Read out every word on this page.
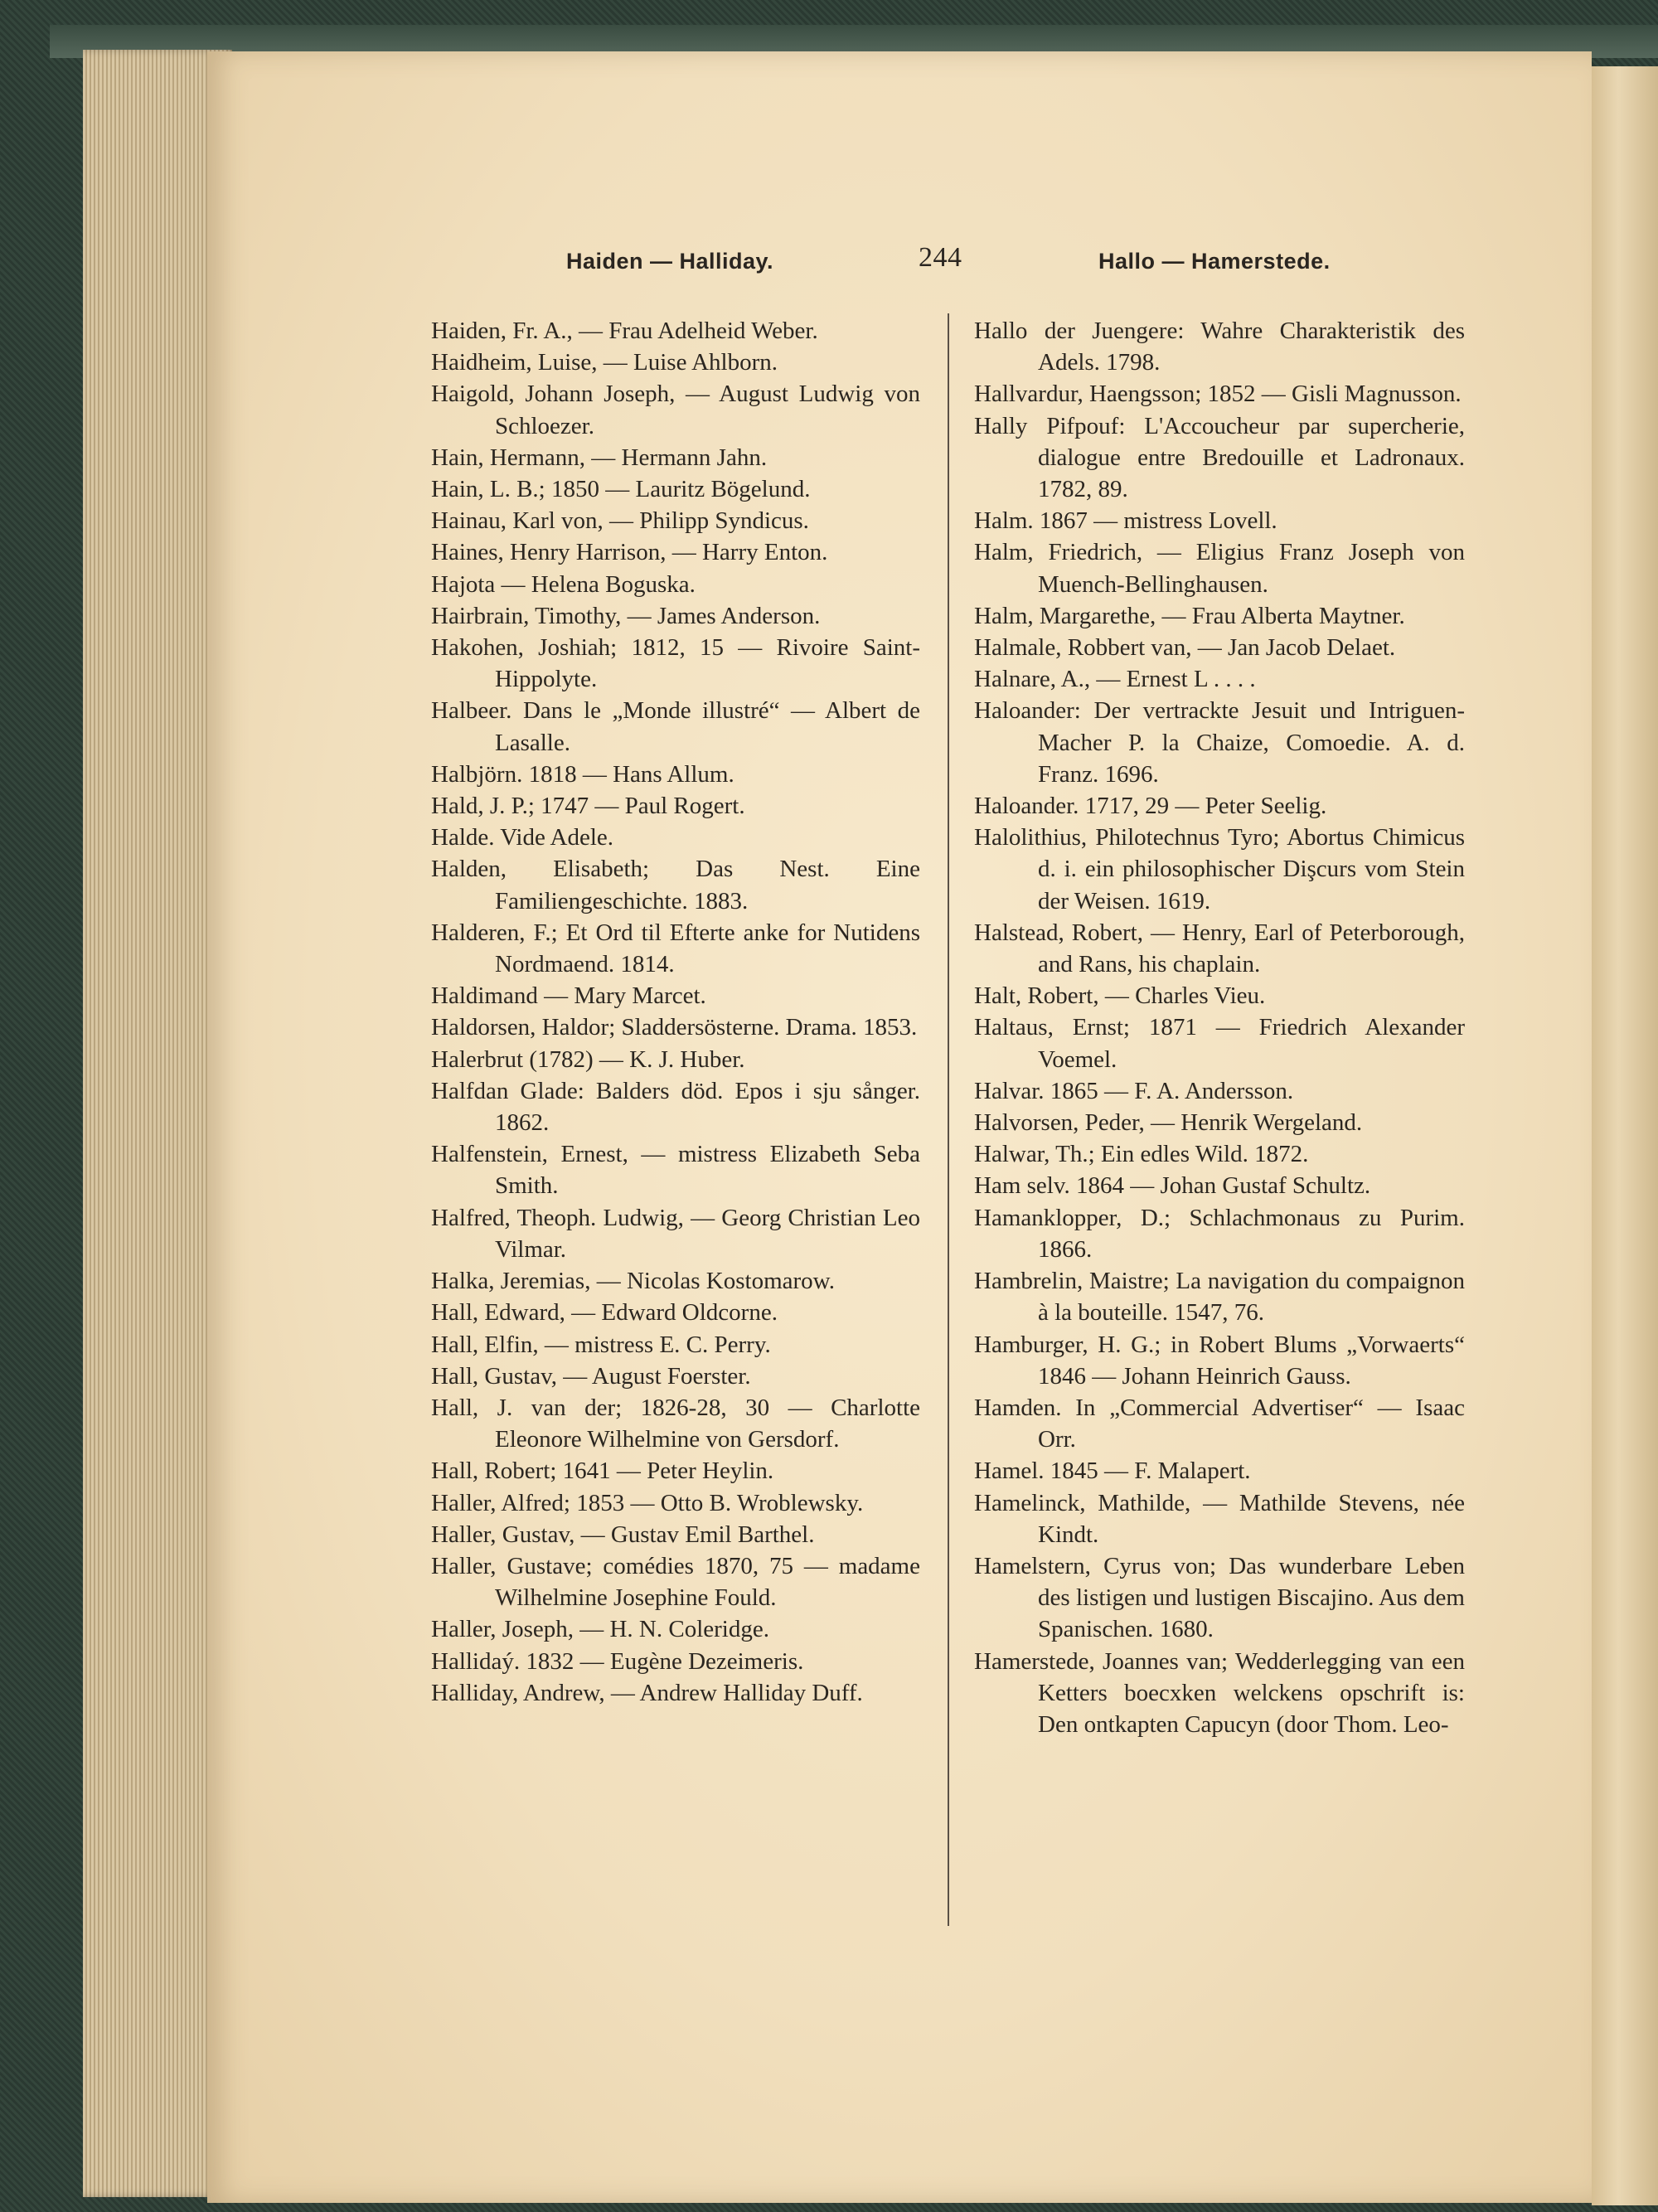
Haiden — Halliday.	244	Hallo — Hamerstede.

Haiden, Fr. A., — Frau Adelheid Weber.

Haidheim, Luise, — Luise Ahlborn.

Haigold, Johann Joseph, — August Ludwig von Schloezer.

Hain, Hermann, — Hermann Jahn.

Hain, L. B.; 1850 — Lauritz Bögelund.

Hainau, Karl von, — Philipp Syndicus.

Haines, Henry Harrison, — Harry Enton.

Hajota — Helena Boguska.

Hairbrain, Timothy, — James Anderson.

Hakohen, Joshiah; 1812, 15 — Rivoire Saint-Hippolyte.

Halbeer. Dans le „Monde illustré“ — Albert de Lasalle.

Halbjörn. 1818 — Hans Allum.

Hald, J. P.; 1747 — Paul Rogert.

Halde. Vide Adele.

Halden, Elisabeth; Das Nest. Eine Familiengeschichte. 1883.

Halderen, F.; Et Ord til Efterte anke for Nutidens Nordmaend. 1814.

Haldimand — Mary Marcet.

Haldorsen, Haldor; Sladdersösterne. Drama. 1853.

Halerbrut (1782) — K. J. Huber.

Halfdan Glade: Balders död. Epos i sju sånger. 1862.

Halfenstein, Ernest, — mistress Elizabeth Seba Smith.

Halfred, Theoph. Ludwig, — Georg Christian Leo Vilmar.

Halka, Jeremias, — Nicolas Kostomarow.

Hall, Edward, — Edward Oldcorne.

Hall, Elfin, — mistress E. C. Perry.

Hall, Gustav, — August Foerster.

Hall, J. van der; 1826-28, 30 — Charlotte Eleonore Wilhelmine von Gersdorf.

Hall, Robert; 1641 — Peter Heylin.

Haller, Alfred; 1853 — Otto B. Wroblewsky.

Haller, Gustav, — Gustav Emil Barthel.

Haller, Gustave; comédies 1870, 75 — madame Wilhelmine Josephine Fould.

Haller, Joseph, — H. N. Coleridge.

Hallidaý. 1832 — Eugène Dezeimeris.

Halliday, Andrew, — Andrew Halliday Duff.

Hallo der Juengere: Wahre Charakteristik des Adels. 1798.

Hallvardur, Haengsson; 1852 — Gisli Magnusson.

Hally Pifpouf: L'Accoucheur par supercherie, dialogue entre Bredouille et Ladronaux. 1782, 89.

Halm. 1867 — mistress Lovell.

Halm, Friedrich, — Eligius Franz Joseph von Muench-Bellinghausen.

Halm, Margarethe, — Frau Alberta Maytner.

Halmale, Robbert van, — Jan Jacob Delaet.

Halnare, A., — Ernest L . . . .

Haloander: Der vertrackte Jesuit und Intriguen-Macher P. la Chaize, Comoedie. A. d. Franz. 1696.

Haloander. 1717, 29 — Peter Seelig.

Halolithius, Philotechnus Tyro; Abortus Chimicus d. i. ein philosophischer Dişcurs vom Stein der Weisen. 1619.

Halstead, Robert, — Henry, Earl of Peterborough, and Rans, his chaplain.

Halt, Robert, — Charles Vieu.

Haltaus, Ernst; 1871 — Friedrich Alexander Voemel.

Halvar. 1865 — F. A. Andersson.

Halvorsen, Peder, — Henrik Wergeland.

Halwar, Th.; Ein edles Wild. 1872.

Ham selv. 1864 — Johan Gustaf Schultz.

Hamanklopper, D.; Schlachmonaus zu Purim. 1866.

Hambrelin, Maistre; La navigation du compaignon à la bouteille. 1547, 76.

Hamburger, H. G.; in Robert Blums „Vorwaerts“ 1846 — Johann Heinrich Gauss.

Hamden. In „Commercial Advertiser“ — Isaac Orr.

Hamel. 1845 — F. Malapert.

Hamelinck, Mathilde, — Mathilde Stevens, née Kindt.

Hamelstern, Cyrus von; Das wunderbare Leben des listigen und lustigen Biscajino. Aus dem Spanischen. 1680.

Hamerstede, Joannes van; Wedderlegging van een Ketters boecxken welckens opschrift is: Den ontkapten Capucyn (door Thom. Leo-
